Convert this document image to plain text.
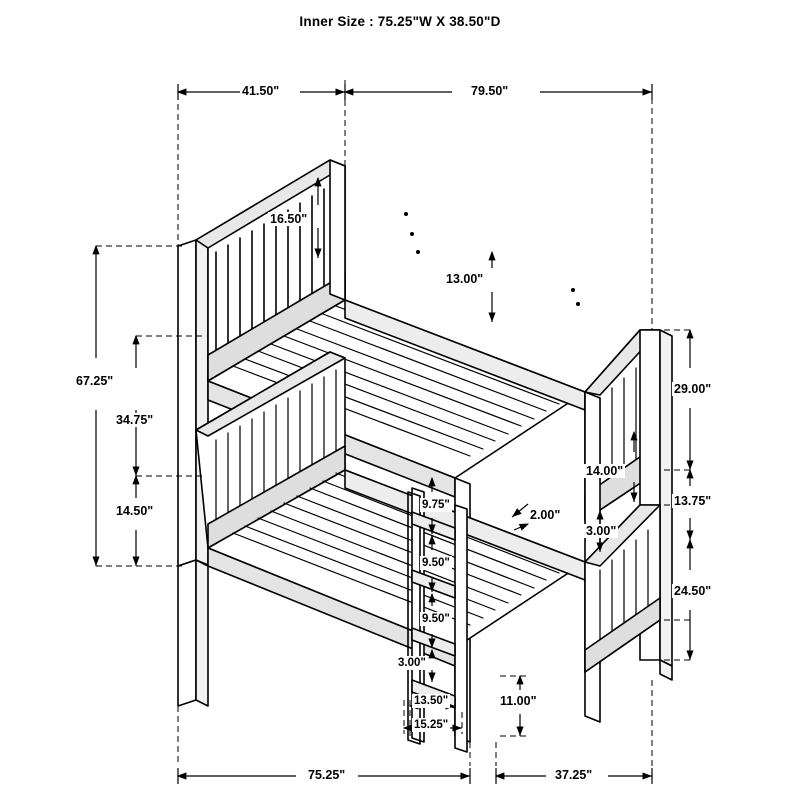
Inner Size : 75.25"W X 38.50"D
41.50"	79.50"
16.50"
13.00"
67.25"
34.75"
14.50"
29.00"
13.75"
24.50"
14.00"
2.00"
3.00"
9.75"
9.50"
9.50"
3.00"
13.50"
15.25"
11.00"
75.25"	37.25"
